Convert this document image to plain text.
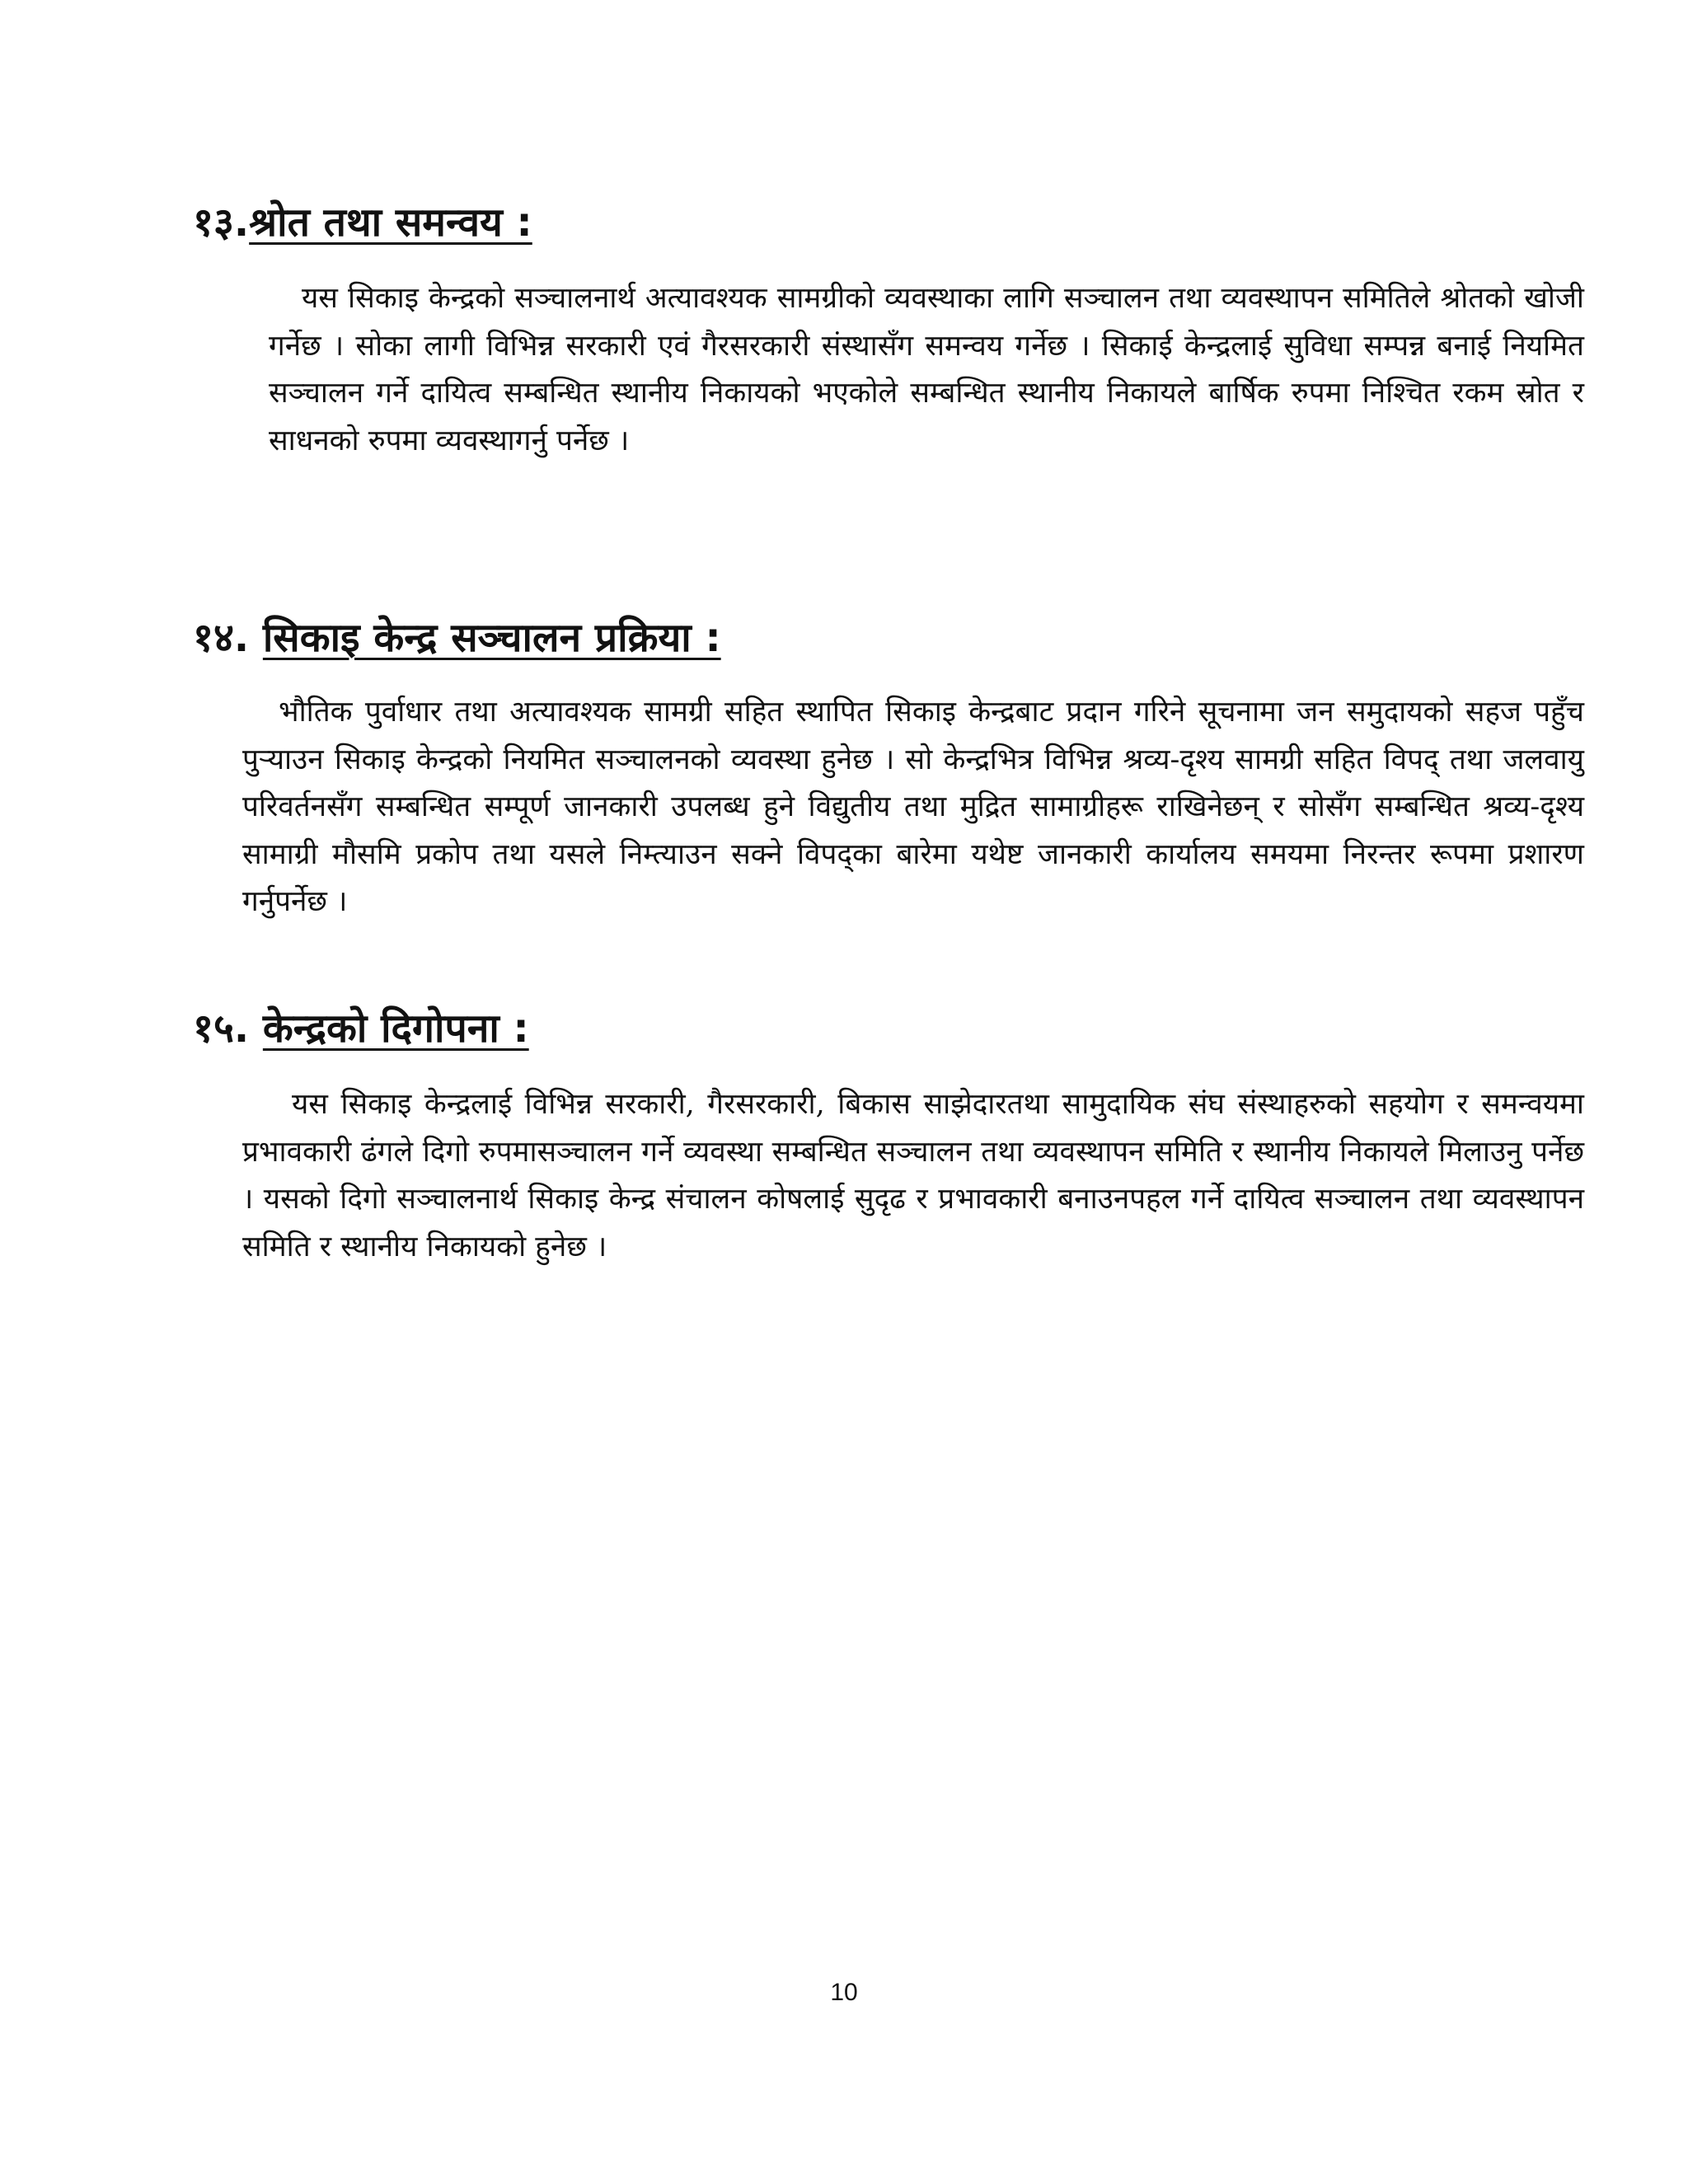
१३.श्रोत तथा समन्वय :

यस सिकाइ केन्द्रको सञ्चालनार्थ अत्यावश्यक सामग्रीको व्यवस्थाका लागि सञ्चालन तथा व्यवस्थापन समितिले श्रोतको खोजी गर्नेछ । सोका लागी विभिन्न सरकारी एवं गैरसरकारी संस्थासँग समन्वय गर्नेछ । सिकाई केन्द्रलाई सुविधा सम्पन्न बनाई नियमित सञ्चालन गर्ने दायित्व सम्बन्धित स्थानीय निकायको भएकोले सम्बन्धित स्थानीय निकायले बार्षिक रुपमा निश्चित रकम स्रोत र साधनको रुपमा व्यवस्थागर्नु पर्नेछ ।

१४. सिकाइ केन्द्र सञ्चालन प्रक्रिया :

भौतिक पुर्वाधार तथा अत्यावश्यक सामग्री सहित स्थापित सिकाइ केन्द्रबाट प्रदान गरिने सूचनामा जन समुदायको सहज पहुँच पुऱ्याउन सिकाइ केन्द्रको नियमित सञ्चालनको व्यवस्था हुनेछ । सो केन्द्रभित्र विभिन्न श्रव्य-दृश्य सामग्री सहित विपद् तथा जलवायु परिवर्तनसँग सम्बन्धित सम्पूर्ण जानकारी उपलब्ध हुने विद्युतीय तथा मुद्रित सामाग्रीहरू राखिनेछन् र सोसँग सम्बन्धित श्रव्य-दृश्य सामाग्री मौसमि प्रकोप तथा यसले निम्त्याउन सक्ने विपद्का बारेमा यथेष्ट जानकारी कार्यालय समयमा निरन्तर रूपमा प्रशारण गर्नुपर्नेछ ।

१५. केन्द्रको दिगोपना :

यस सिकाइ केन्द्रलाई विभिन्न सरकारी, गैरसरकारी, बिकास साझेदारतथा सामुदायिक संघ संस्थाहरुको सहयोग र समन्वयमा प्रभावकारी ढंगले दिगो रुपमासञ्चालन गर्ने व्यवस्था सम्बन्धित सञ्चालन तथा व्यवस्थापन समिति र स्थानीय निकायले मिलाउनु पर्नेछ । यसको दिगो सञ्चालनार्थ सिकाइ केन्द्र संचालन कोषलाई सुदृढ र प्रभावकारी बनाउनपहल गर्ने दायित्व सञ्चालन तथा व्यवस्थापन समिति र स्थानीय निकायको हुनेछ ।

10
